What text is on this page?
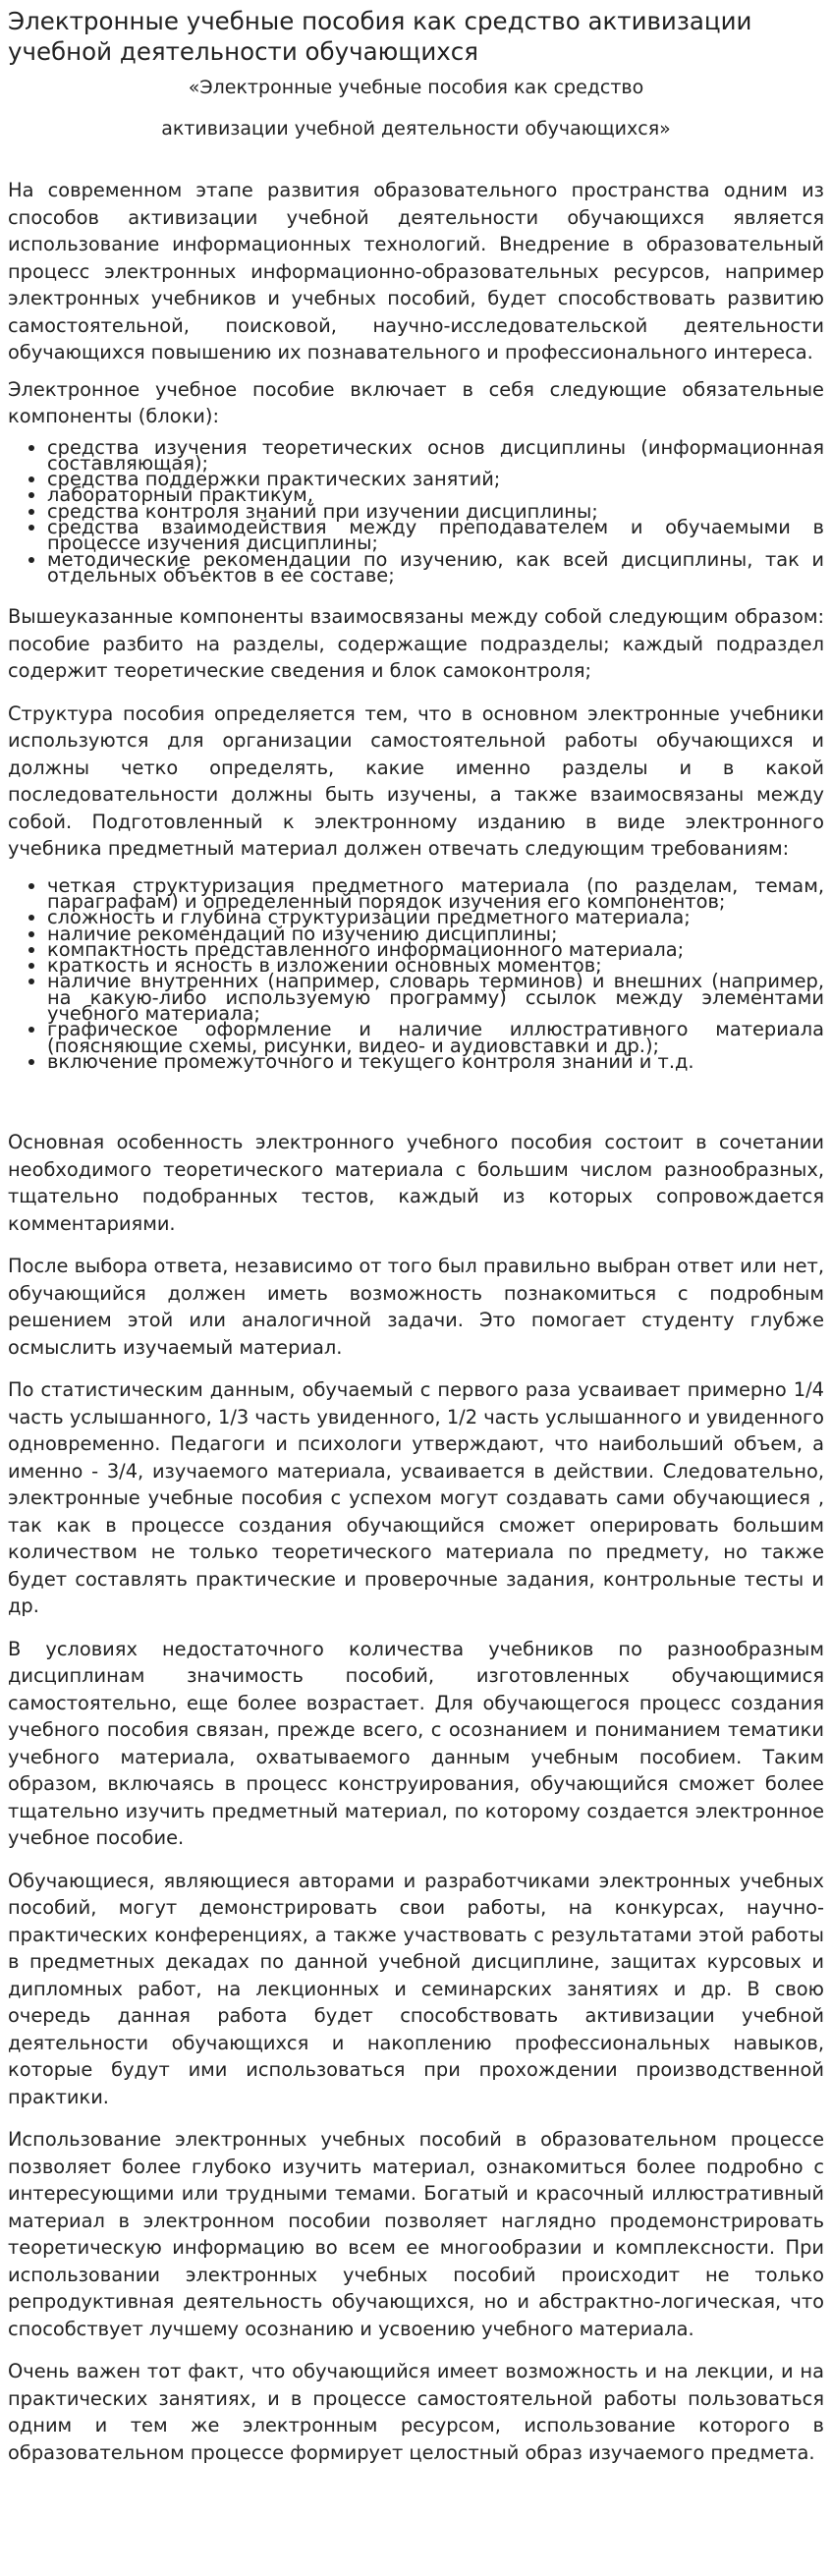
Электронные учебные пособия как средство активизации учебной деятельности обучающихся

«Электронные учебные пособия как средство

активизации учебной деятельности обучающихся»

На современном этапе развития образовательного пространства одним из способов активизации учебной деятельности обучающихся является использование информационных технологий. Внедрение в образовательный процесс электронных информационно-образовательных ресурсов, например электронных учебников и учебных пособий, будет способствовать развитию самостоятельной, поисковой, научно-исследовательской деятельности обучающихся повышению их познавательного и профессионального интереса.

Электронное учебное пособие включает в себя следующие обязательные компоненты (блоки):

• средства изучения теоретических основ дисциплины (информационная составляющая);
• средства поддержки практических занятий;
• лабораторный практикум,
• средства контроля знаний при изучении дисциплины;
• средства взаимодействия между преподавателем и обучаемыми в процессе изучения дисциплины;
• методические рекомендации по изучению, как всей дисциплины, так и отдельных объектов в ее составе;

Вышеуказанные компоненты взаимосвязаны между собой следующим образом: пособие разбито на разделы, содержащие подразделы; каждый подраздел содержит теоретические сведения и блок самоконтроля;

Структура пособия определяется тем, что в основном электронные учебники используются для организации самостоятельной работы обучающихся и должны четко определять, какие именно разделы и в какой последовательности должны быть изучены, а также взаимосвязаны между собой. Подготовленный к электронному изданию в виде электронного учебника предметный материал должен отвечать следующим требованиям:

• четкая структуризация предметного материала (по разделам, темам, параграфам) и определенный порядок изучения его компонентов;
• сложность и глубина структуризации предметного материала;
• наличие рекомендаций по изучению дисциплины;
• компактность представленного информационного материала;
• краткость и ясность в изложении основных моментов;
• наличие внутренних (например, словарь терминов) и внешних (например, на какую-либо используемую программу) ссылок между элементами учебного материала;
• графическое оформление и наличие иллюстративного материала (поясняющие схемы, рисунки, видео- и аудиовставки и др.);
• включение промежуточного и текущего контроля знаний и т.д.

Основная особенность электронного учебного пособия состоит в сочетании необходимого теоретического материала с большим числом разнообразных, тщательно подобранных тестов, каждый из которых сопровождается комментариями.

После выбора ответа, независимо от того был правильно выбран ответ или нет, обучающийся должен иметь возможность познакомиться с подробным решением этой или аналогичной задачи. Это помогает студенту глубже осмыслить изучаемый материал.

По статистическим данным, обучаемый с первого раза усваивает примерно 1/4 часть услышанного, 1/3 часть увиденного, 1/2 часть услышанного и увиденного одновременно. Педагоги и психологи утверждают, что наибольший объем, а именно - 3/4, изучаемого материала, усваивается в действии. Следовательно, электронные учебные пособия с успехом могут создавать сами обучающиеся , так как в процессе создания обучающийся сможет оперировать большим количеством не только теоретического материала по предмету, но также будет составлять практические и проверочные задания, контрольные тесты и др.

В условиях недостаточного количества учебников по разнообразным дисциплинам значимость пособий, изготовленных обучающимися самостоятельно, еще более возрастает. Для обучающегося процесс создания учебного пособия связан, прежде всего, с осознанием и пониманием тематики учебного материала, охватываемого данным учебным пособием. Таким образом, включаясь в процесс конструирования, обучающийся сможет более тщательно изучить предметный материал, по которому создается электронное учебное пособие.

Обучающиеся, являющиеся авторами и разработчиками электронных учебных пособий, могут демонстрировать свои работы, на конкурсах, научно-практических конференциях, а также участвовать с результатами этой работы в предметных декадах по данной учебной дисциплине, защитах курсовых и дипломных работ, на лекционных и семинарских занятиях и др. В свою очередь данная работа будет способствовать активизации учебной деятельности обучающихся и накоплению профессиональных навыков, которые будут ими использоваться при прохождении производственной практики.

Использование электронных учебных пособий в образовательном процессе позволяет более глубоко изучить материал, ознакомиться более подробно с интересующими или трудными темами. Богатый и красочный иллюстративный материал в электронном пособии позволяет наглядно продемонстрировать теоретическую информацию во всем ее многообразии и комплексности. При использовании электронных учебных пособий происходит не только репродуктивная деятельность обучающихся, но и абстрактно-логическая, что способствует лучшему осознанию и усвоению учебного материала.

Очень важен тот факт, что обучающийся имеет возможность и на лекции, и на практических занятиях, и в процессе самостоятельной работы пользоваться одним и тем же электронным ресурсом, использование которого в образовательном процессе формирует целостный образ изучаемого предмета.
